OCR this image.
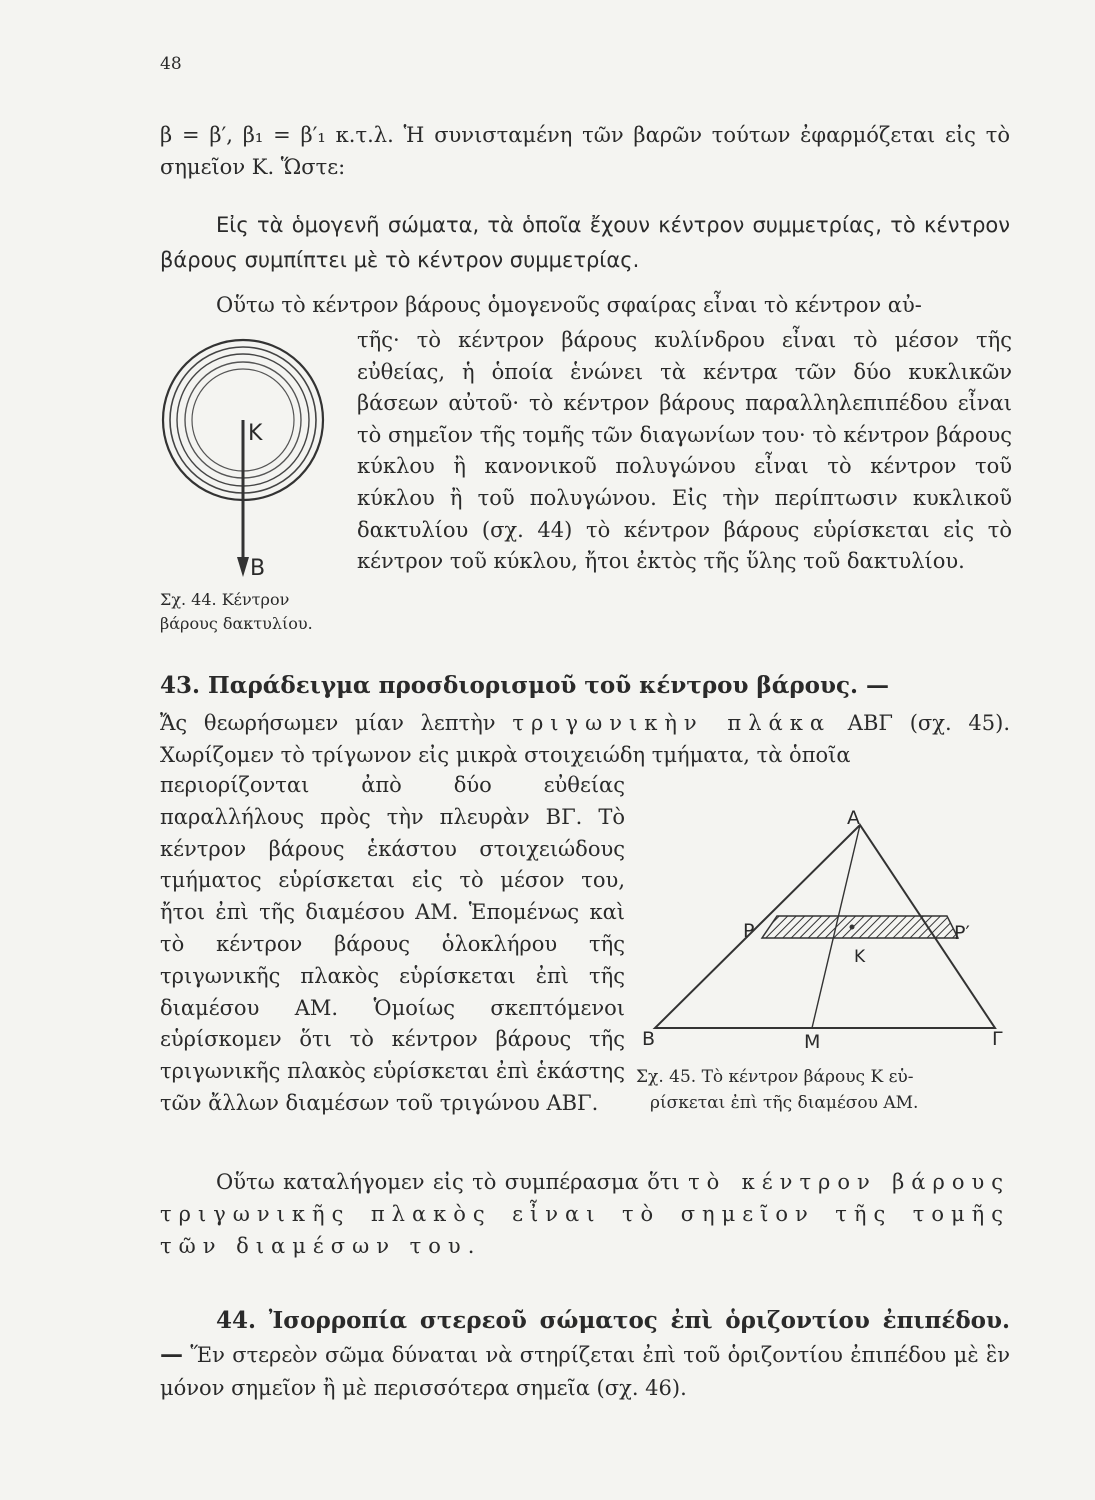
48

β = β′, β₁ = β′₁ κ.τ.λ. Ἡ συνισταμένη τῶν βαρῶν τούτων ἐφαρμόζεται εἰς τὸ σημεῖον Κ. Ὥστε:

Εἰς τὰ ὁμογενῆ σώματα, τὰ ὁποῖα ἔχουν κέντρον συμμετρίας, τὸ κέντρον βάρους συμπίπτει μὲ τὸ κέντρον συμμετρίας.

Οὕτω τὸ κέντρον βάρους ὁμογενοῦς σφαίρας εἶναι τὸ κέντρον αὐ-

τῆς· τὸ κέντρον βάρους κυλίνδρου εἶναι τὸ μέσον τῆς εὐθείας, ἡ ὁποία ἑνώνει τὰ κέντρα τῶν δύο κυκλικῶν βάσεων αὐτοῦ· τὸ κέντρον βάρους παραλληλεπιπέδου εἶναι τὸ σημεῖον τῆς τομῆς τῶν διαγωνίων του· τὸ κέντρον βάρους κύκλου ἢ κανονικοῦ πολυγώνου εἶναι τὸ κέντρον τοῦ κύκλου ἢ τοῦ πολυγώνου. Εἰς τὴν περίπτωσιν κυκλικοῦ δακτυλίου (σχ. 44) τὸ κέντρον βάρους εὑρίσκεται εἰς τὸ κέντρον τοῦ κύκλου, ἤτοι ἐκτὸς τῆς ὕλης τοῦ δακτυλίου.

K
B
Σχ. 44. Κέντρον
βάρους δακτυλίου.

43. Παράδειγμα προσδιορισμοῦ τοῦ κέντρου βάρους. —

Ἄς θεωρήσωμεν μίαν λεπτὴν τριγωνικὴν πλάκα ΑΒΓ (σχ. 45). Χωρίζομεν τὸ τρίγωνον εἰς μικρὰ στοιχειώδη τμήματα, τὰ ὁποῖα

περιορίζονται ἀπὸ δύο εὐθείας παραλλήλους πρὸς τὴν πλευρὰν ΒΓ. Τὸ κέντρον βάρους ἑκάστου στοιχειώδους τμήματος εὑρίσκεται εἰς τὸ μέσον του, ἤτοι ἐπὶ τῆς διαμέσου ΑΜ. Ἑπομένως καὶ τὸ κέντρον βάρους ὁλοκλήρου τῆς τριγωνικῆς πλακὸς εὑρίσκεται ἐπὶ τῆς διαμέσου ΑΜ. Ὁμοίως σκεπτόμενοι εὑρίσκομεν ὅτι τὸ κέντρον βάρους τῆς τριγωνικῆς πλακὸς εὑρίσκεται ἐπὶ ἑκάστης τῶν ἄλλων διαμέσων τοῦ τριγώνου ΑΒΓ.

A
P	P′
K
B	M	Γ

Σχ. 45. Τὸ κέντρον βάρους Κ εὑ-
ρίσκεται ἐπὶ τῆς διαμέσου ΑΜ.

Οὕτω καταλήγομεν εἰς τὸ συμπέρασμα ὅτι τὸ κέντρον βάρους τριγωνικῆς πλακὸς εἶναι τὸ σημεῖον τῆς τομῆς τῶν διαμέσων του.

44. Ἰσορροπία στερεοῦ σώματος ἐπὶ ὁριζοντίου ἐπιπέδου. — Ἕν στερεὸν σῶμα δύναται νὰ στηρίζεται ἐπὶ τοῦ ὁριζοντίου ἐπιπέδου μὲ ἓν μόνον σημεῖον ἢ μὲ περισσότερα σημεῖα (σχ. 46).
